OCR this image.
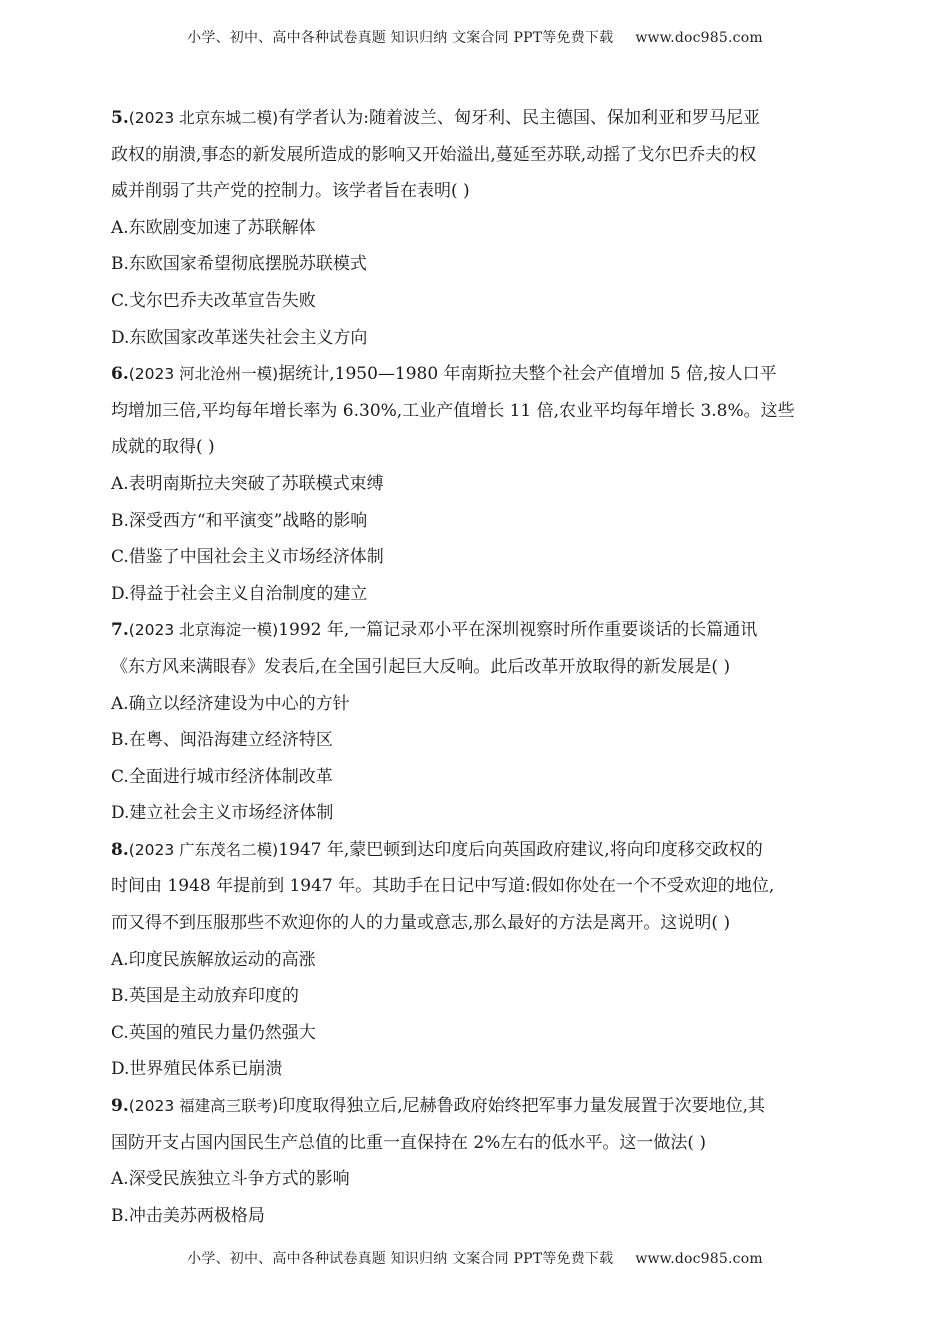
小学、初中、高中各种试卷真题 知识归纳 文案合同 PPT等免费下载 www.doc985.com
5.(2023 北京东城二模)有学者认为:随着波兰、匈牙利、民主德国、保加利亚和罗马尼亚
政权的崩溃,事态的新发展所造成的影响又开始溢出,蔓延至苏联,动摇了戈尔巴乔夫的权
威并削弱了共产党的控制力。该学者旨在表明( )
A.东欧剧变加速了苏联解体
B.东欧国家希望彻底摆脱苏联模式
C.戈尔巴乔夫改革宣告失败
D.东欧国家改革迷失社会主义方向
6.(2023 河北沧州一模)据统计,1950—1980 年南斯拉夫整个社会产值增加 5 倍,按人口平
均增加三倍,平均每年增长率为 6.30%,工业产值增长 11 倍,农业平均每年增长 3.8%。这些
成就的取得( )
A.表明南斯拉夫突破了苏联模式束缚
B.深受西方“和平演变”战略的影响
C.借鉴了中国社会主义市场经济体制
D.得益于社会主义自治制度的建立
7.(2023 北京海淀一模)1992 年,一篇记录邓小平在深圳视察时所作重要谈话的长篇通讯
《东方风来满眼春》发表后,在全国引起巨大反响。此后改革开放取得的新发展是( )
A.确立以经济建设为中心的方针
B.在粤、闽沿海建立经济特区
C.全面进行城市经济体制改革
D.建立社会主义市场经济体制
8.(2023 广东茂名二模)1947 年,蒙巴顿到达印度后向英国政府建议,将向印度移交政权的
时间由 1948 年提前到 1947 年。其助手在日记中写道:假如你处在一个不受欢迎的地位,
而又得不到压服那些不欢迎你的人的力量或意志,那么最好的方法是离开。这说明( )
A.印度民族解放运动的高涨
B.英国是主动放弃印度的
C.英国的殖民力量仍然强大
D.世界殖民体系已崩溃
9.(2023 福建高三联考)印度取得独立后,尼赫鲁政府始终把军事力量发展置于次要地位,其
国防开支占国内国民生产总值的比重一直保持在 2%左右的低水平。这一做法( )
A.深受民族独立斗争方式的影响
B.冲击美苏两极格局
小学、初中、高中各种试卷真题 知识归纳 文案合同 PPT等免费下载 www.doc985.com
